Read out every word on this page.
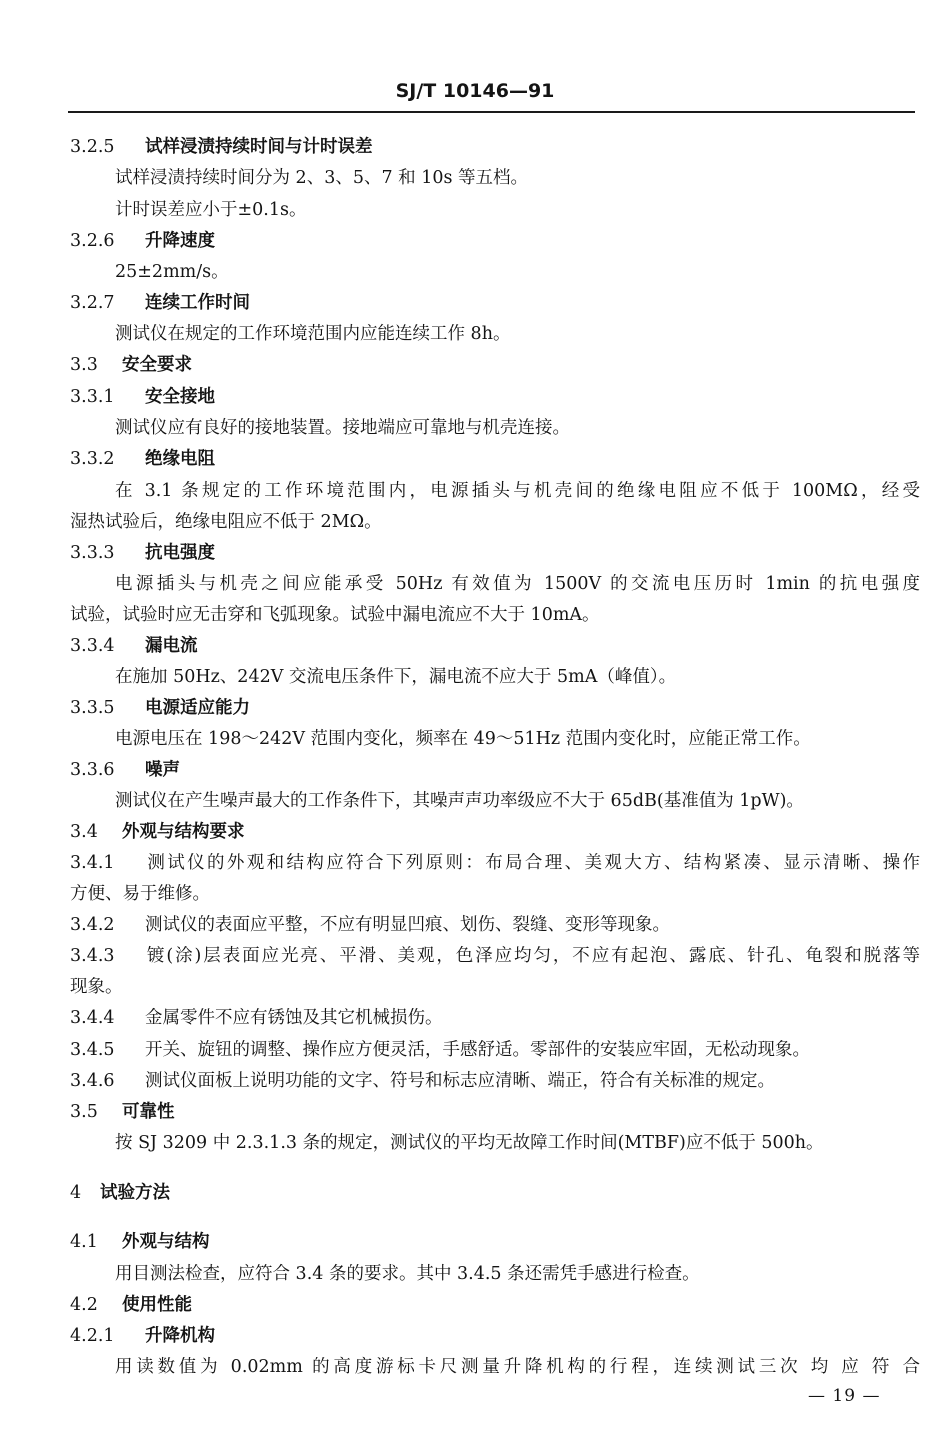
SJ/T 10146—91
3.2.5 试样浸渍持续时间与计时误差
试样浸渍持续时间分为 2、3、5、7 和 10s 等五档。
计时误差应小于±0.1s。
3.2.6 升降速度
25±2mm/s。
3.2.7 连续工作时间
测试仪在规定的工作环境范围内应能连续工作 8h。
3.3 安全要求
3.3.1 安全接地
测试仪应有良好的接地装置。接地端应可靠地与机壳连接。
3.3.2 绝缘电阻
在 3.1 条规定的工作环境范围内，电源插头与机壳间的绝缘电阻应不低于 100MΩ，经受
湿热试验后，绝缘电阻应不低于 2MΩ。
3.3.3 抗电强度
电源插头与机壳之间应能承受 50Hz 有效值为 1500V 的交流电压历时 1min 的抗电强度
试验，试验时应无击穿和飞弧现象。试验中漏电流应不大于 10mA。
3.3.4 漏电流
在施加 50Hz、242V 交流电压条件下，漏电流不应大于 5mA（峰值）。
3.3.5 电源适应能力
电源电压在 198～242V 范围内变化，频率在 49～51Hz 范围内变化时，应能正常工作。
3.3.6 噪声
测试仪在产生噪声最大的工作条件下，其噪声声功率级应不大于 65dB(基准值为 1pW)。
3.4 外观与结构要求
3.4.1 测试仪的外观和结构应符合下列原则：布局合理、美观大方、结构紧凑、显示清晰、操作
方便、易于维修。
3.4.2 测试仪的表面应平整，不应有明显凹痕、划伤、裂缝、变形等现象。
3.4.3 镀(涂)层表面应光亮、平滑、美观，色泽应均匀，不应有起泡、露底、针孔、龟裂和脱落等
现象。
3.4.4 金属零件不应有锈蚀及其它机械损伤。
3.4.5 开关、旋钮的调整、操作应方便灵活，手感舒适。零部件的安装应牢固，无松动现象。
3.4.6 测试仪面板上说明功能的文字、符号和标志应清晰、端正，符合有关标准的规定。
3.5 可靠性
按 SJ 3209 中 2.3.1.3 条的规定，测试仪的平均无故障工作时间(MTBF)应不低于 500h。
4 试验方法
4.1 外观与结构
用目测法检查，应符合 3.4 条的要求。其中 3.4.5 条还需凭手感进行检查。
4.2 使用性能
4.2.1 升降机构
用读数值为 0.02mm 的高度游标卡尺测量升降机构的行程，连续测试三次 均 应 符 合
— 19 —
